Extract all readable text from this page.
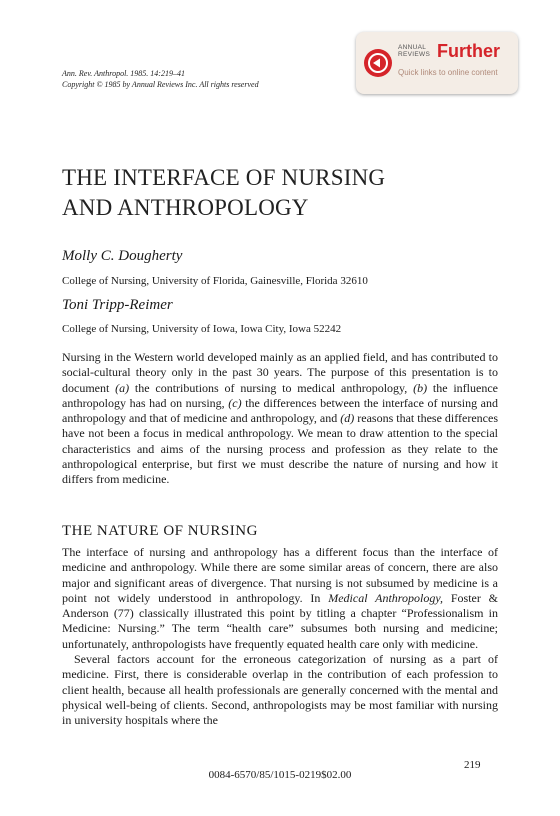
Ann. Rev. Anthropol. 1985. 14:219–41
Copyright © 1985 by Annual Reviews Inc. All rights reserved
ANNUAL
REVIEWS Further
Quick links to online content
THE INTERFACE OF NURSING
AND ANTHROPOLOGY
Molly C. Dougherty
College of Nursing, University of Florida, Gainesville, Florida 32610
Toni Tripp-Reimer
College of Nursing, University of Iowa, Iowa City, Iowa 52242

Nursing in the Western world developed mainly as an applied field, and has contributed to social-cultural theory only in the past 30 years. The purpose of this presentation is to document (a) the contributions of nursing to medical anthropology, (b) the influence anthropology has had on nursing, (c) the differences between the interface of nursing and anthropology and that of medicine and anthropology, and (d) reasons that these differences have not been a focus in medical anthropology. We mean to draw attention to the special characteristics and aims of the nursing process and profession as they relate to the anthropological enterprise, but first we must describe the nature of nursing and how it differs from medicine.

THE NATURE OF NURSING

The interface of nursing and anthropology has a different focus than the interface of medicine and anthropology. While there are some similar areas of concern, there are also major and significant areas of divergence. That nursing is not subsumed by medicine is a point not widely understood in anthropology. In Medical Anthropology, Foster & Anderson (77) classically illustrated this point by titling a chapter “Professionalism in Medicine: Nursing.” The term “health care” subsumes both nursing and medicine; unfortunately, anthropologists have frequently equated health care only with medicine.

Several factors account for the erroneous categorization of nursing as a part of medicine. First, there is considerable overlap in the contribution of each profession to client health, because all health professionals are generally concerned with the mental and physical well-being of clients. Second, anthropologists may be most familiar with nursing in university hospitals where the

219
0084-6570/85/1015-0219$02.00
